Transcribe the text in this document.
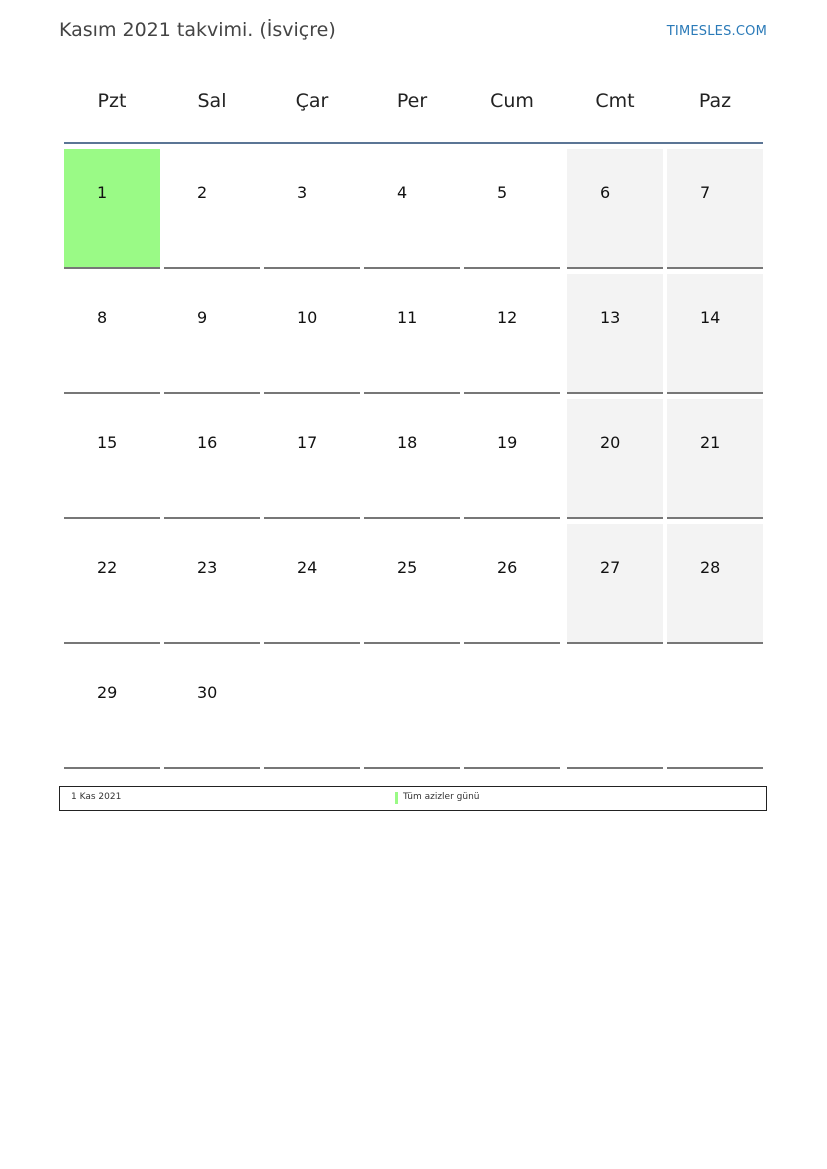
Kasım 2021 takvimi. (İsviçre)	TIMESLES.COM
Pzt	Sal	Çar	Per	Cum	Cmt	Paz
1	2	3	4	5	6	7
8	9	10	11	12	13	14
15	16	17	18	19	20	21
22	23	24	25	26	27	28
29	30
1 Kas 2021	Tüm azizler günü
